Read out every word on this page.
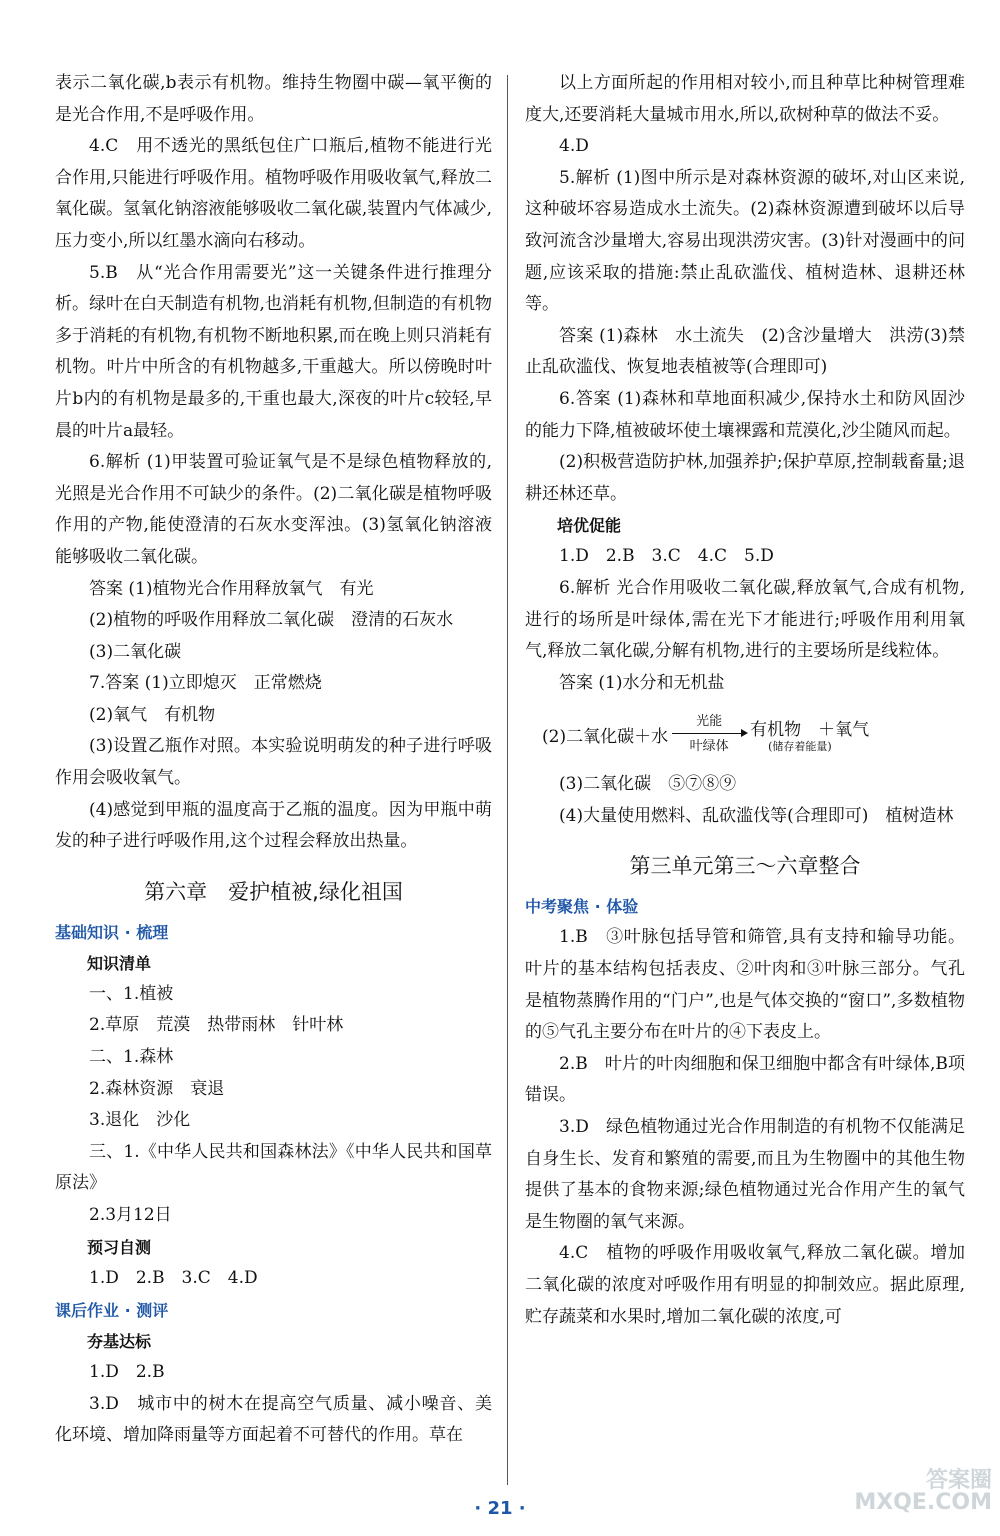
表示二氧化碳,b表示有机物。维持生物圈中碳—氧平衡的是光合作用,不是呼吸作用。

4.C　用不透光的黑纸包住广口瓶后,植物不能进行光合作用,只能进行呼吸作用。植物呼吸作用吸收氧气,释放二氧化碳。氢氧化钠溶液能够吸收二氧化碳,装置内气体减少,压力变小,所以红墨水滴向右移动。

5.B　从“光合作用需要光”这一关键条件进行推理分析。绿叶在白天制造有机物,也消耗有机物,但制造的有机物多于消耗的有机物,有机物不断地积累,而在晚上则只消耗有机物。叶片中所含的有机物越多,干重越大。所以傍晚时叶片b内的有机物是最多的,干重也最大,深夜的叶片c较轻,早晨的叶片a最轻。

6.解析 (1)甲装置可验证氧气是不是绿色植物释放的,光照是光合作用不可缺少的条件。(2)二氧化碳是植物呼吸作用的产物,能使澄清的石灰水变浑浊。(3)氢氧化钠溶液能够吸收二氧化碳。

答案 (1)植物光合作用释放氧气　有光

(2)植物的呼吸作用释放二氧化碳　澄清的石灰水

(3)二氧化碳

7.答案 (1)立即熄灭　正常燃烧

(2)氧气　有机物

(3)设置乙瓶作对照。本实验说明萌发的种子进行呼吸作用会吸收氧气。

(4)感觉到甲瓶的温度高于乙瓶的温度。因为甲瓶中萌发的种子进行呼吸作用,这个过程会释放出热量。

第六章　爱护植被,绿化祖国
基础知识 · 梳理
知识清单

一、1.植被

2.草原　荒漠　热带雨林　针叶林

二、1.森林

2.森林资源　衰退

3.退化　沙化

三、1.《中华人民共和国森林法》《中华人民共和国草原法》

2.3月12日

预习自测

1.D　2.B　3.C　4.D

课后作业 · 测评
夯基达标

1.D　2.B

3.D　城市中的树木在提高空气质量、减小噪音、美化环境、增加降雨量等方面起着不可替代的作用。草在

以上方面所起的作用相对较小,而且种草比种树管理难度大,还要消耗大量城市用水,所以,砍树种草的做法不妥。

4.D

5.解析 (1)图中所示是对森林资源的破坏,对山区来说,这种破坏容易造成水土流失。(2)森林资源遭到破坏以后导致河流含沙量增大,容易出现洪涝灾害。(3)针对漫画中的问题,应该采取的措施:禁止乱砍滥伐、植树造林、退耕还林等。

答案 (1)森林　水土流失　(2)含沙量增大　洪涝(3)禁止乱砍滥伐、恢复地表植被等(合理即可)

6.答案 (1)森林和草地面积减少,保持水土和防风固沙的能力下降,植被破坏使土壤裸露和荒漠化,沙尘随风而起。

(2)积极营造防护林,加强养护;保护草原,控制载畜量;退耕还林还草。

培优促能

1.D　2.B　3.C　4.C　5.D

6.解析 光合作用吸收二氧化碳,释放氧气,合成有机物,进行的场所是叶绿体,需在光下才能进行;呼吸作用利用氧气,释放二氧化碳,分解有机物,进行的主要场所是线粒体。

答案 (1)水分和无机盐

(2)二氧化碳＋水
光能
叶绿体
有机物　＋氧气
(储存着能量)

(3)二氧化碳　⑤⑦⑧⑨

(4)大量使用燃料、乱砍滥伐等(合理即可)　植树造林

第三单元第三～六章整合
中考聚焦 · 体验

1.B　③叶脉包括导管和筛管,具有支持和输导功能。叶片的基本结构包括表皮、②叶肉和③叶脉三部分。气孔是植物蒸腾作用的“门户”,也是气体交换的“窗口”,多数植物的⑤气孔主要分布在叶片的④下表皮上。

2.B　叶片的叶肉细胞和保卫细胞中都含有叶绿体,B项错误。

3.D　绿色植物通过光合作用制造的有机物不仅能满足自身生长、发育和繁殖的需要,而且为生物圈中的其他生物提供了基本的食物来源;绿色植物通过光合作用产生的氧气是生物圈的氧气来源。

4.C　植物的呼吸作用吸收氧气,释放二氧化碳。增加二氧化碳的浓度对呼吸作用有明显的抑制效应。据此原理,贮存蔬菜和水果时,增加二氧化碳的浓度,可

· 21 ·
答案圈
MXQE.COM
